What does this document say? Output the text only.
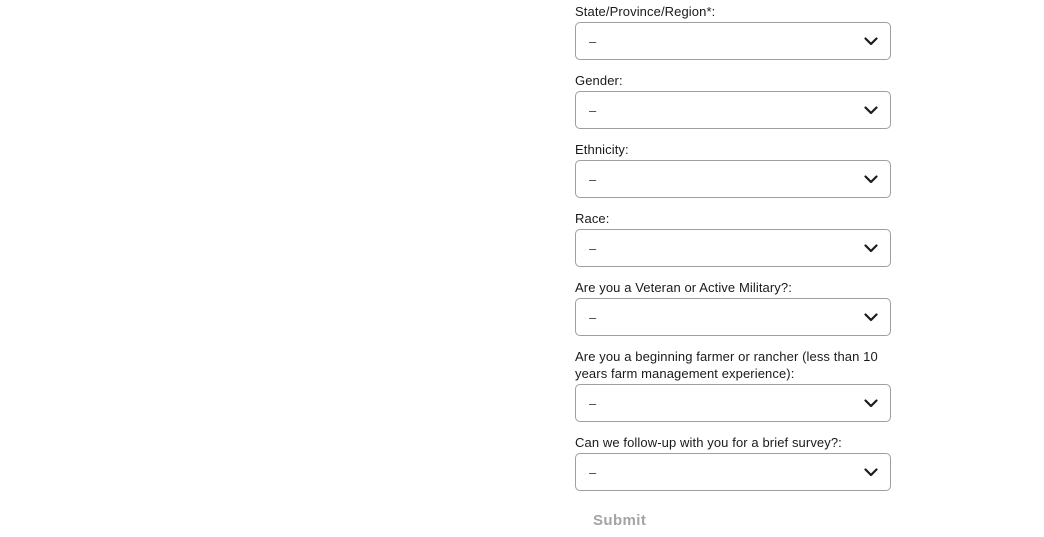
State/Province/Region*:
–
Gender:
–
Ethnicity:
–
Race:
–
Are you a Veteran or Active Military?:
–
Are you a beginning farmer or rancher (less than 10 years farm management experience):
–
Can we follow-up with you for a brief survey?:
–
Submit
